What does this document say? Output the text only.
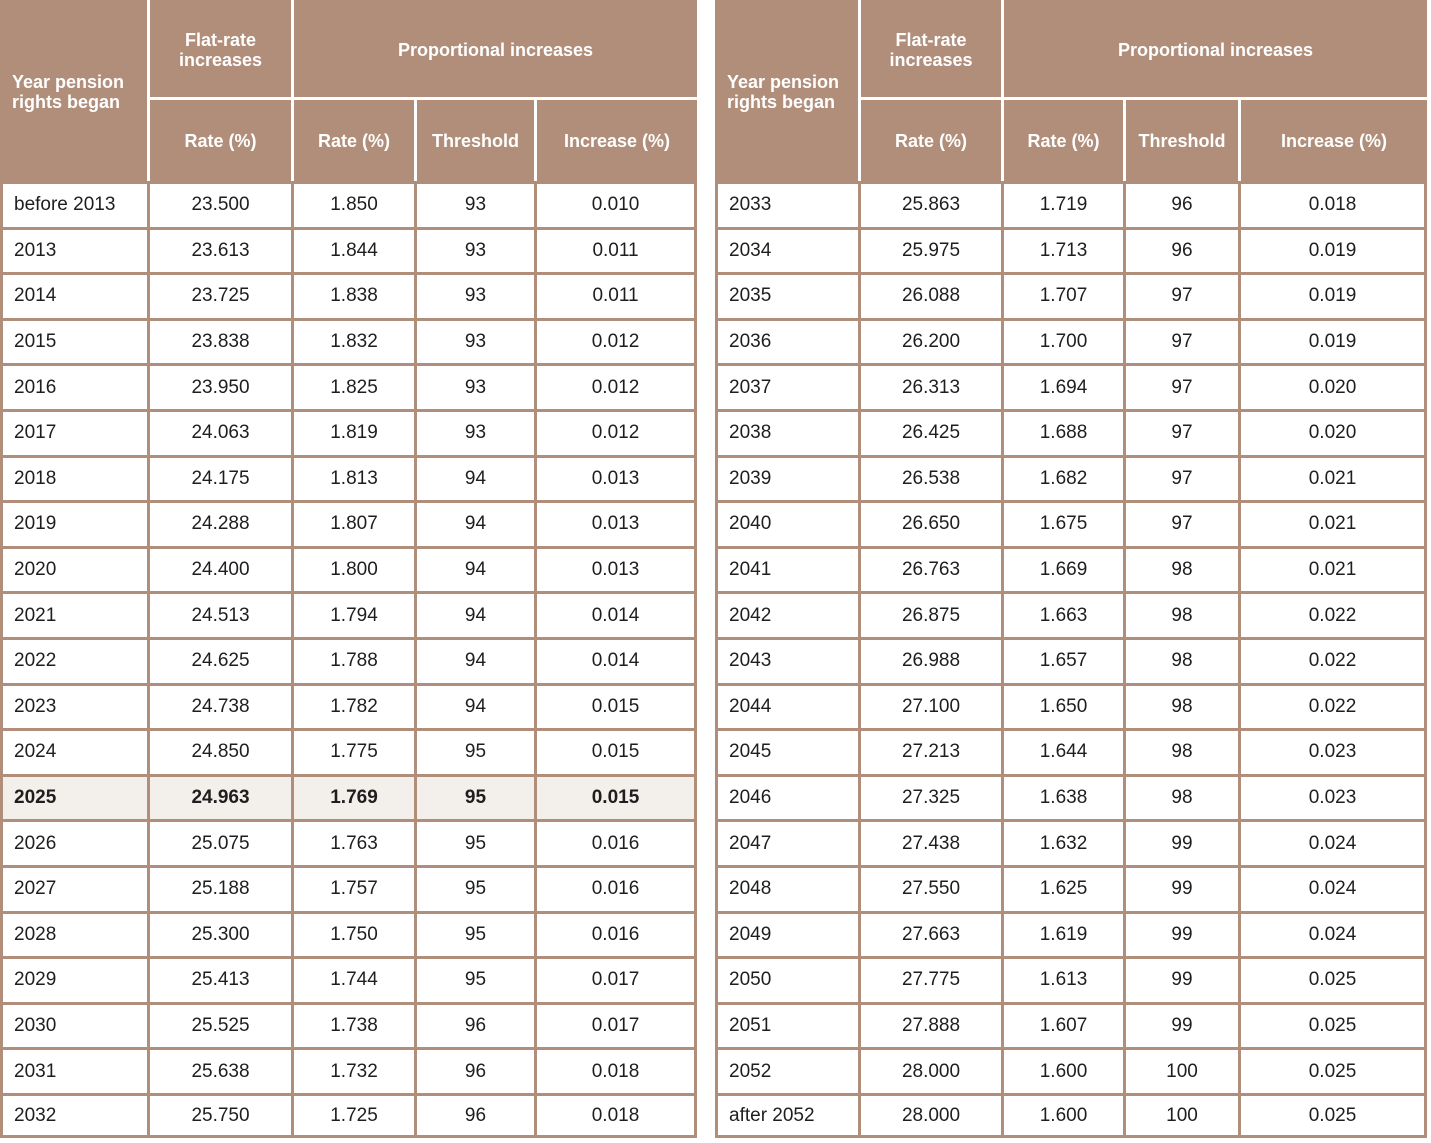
Year pension rights began	Flat-rate increases	Proportional increases		
	Rate (%)	Rate (%)	Threshold	Increase (%)
before 2013	23.500	1.850	93	0.010
2013	23.613	1.844	93	0.011
2014	23.725	1.838	93	0.011
2015	23.838	1.832	93	0.012
2016	23.950	1.825	93	0.012
2017	24.063	1.819	93	0.012
2018	24.175	1.813	94	0.013
2019	24.288	1.807	94	0.013
2020	24.400	1.800	94	0.013
2021	24.513	1.794	94	0.014
2022	24.625	1.788	94	0.014
2023	24.738	1.782	94	0.015
2024	24.850	1.775	95	0.015
2025	24.963	1.769	95	0.015
2026	25.075	1.763	95	0.016
2027	25.188	1.757	95	0.016
2028	25.300	1.750	95	0.016
2029	25.413	1.744	95	0.017
2030	25.525	1.738	96	0.017
2031	25.638	1.732	96	0.018
2032	25.750	1.725	96	0.018
Year pension rights began	Flat-rate increases	Proportional increases		
	Rate (%)	Rate (%)	Threshold	Increase (%)
2033	25.863	1.719	96	0.018
2034	25.975	1.713	96	0.019
2035	26.088	1.707	97	0.019
2036	26.200	1.700	97	0.019
2037	26.313	1.694	97	0.020
2038	26.425	1.688	97	0.020
2039	26.538	1.682	97	0.021
2040	26.650	1.675	97	0.021
2041	26.763	1.669	98	0.021
2042	26.875	1.663	98	0.022
2043	26.988	1.657	98	0.022
2044	27.100	1.650	98	0.022
2045	27.213	1.644	98	0.023
2046	27.325	1.638	98	0.023
2047	27.438	1.632	99	0.024
2048	27.550	1.625	99	0.024
2049	27.663	1.619	99	0.024
2050	27.775	1.613	99	0.025
2051	27.888	1.607	99	0.025
2052	28.000	1.600	100	0.025
after 2052	28.000	1.600	100	0.025
